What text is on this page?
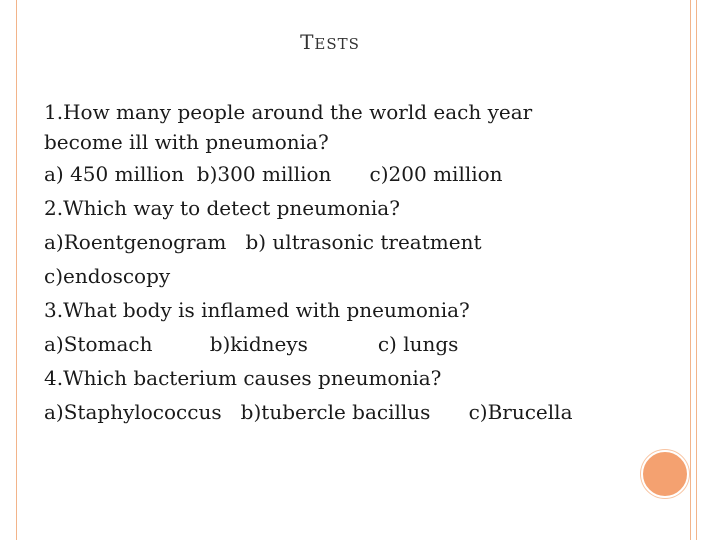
TESTS
1.How many people around the world each year
become ill with pneumonia?
a) 450 million  b)300 million      c)200 million
2.Which way to detect pneumonia?
a)Roentgenogram   b) ultrasonic treatment
c)endoscopy
3.What body is inflamed with pneumonia?
a)Stomach         b)kidneys           c) lungs
4.Which bacterium causes pneumonia?
a)Staphylococcus   b)tubercle bacillus      c)Brucella
